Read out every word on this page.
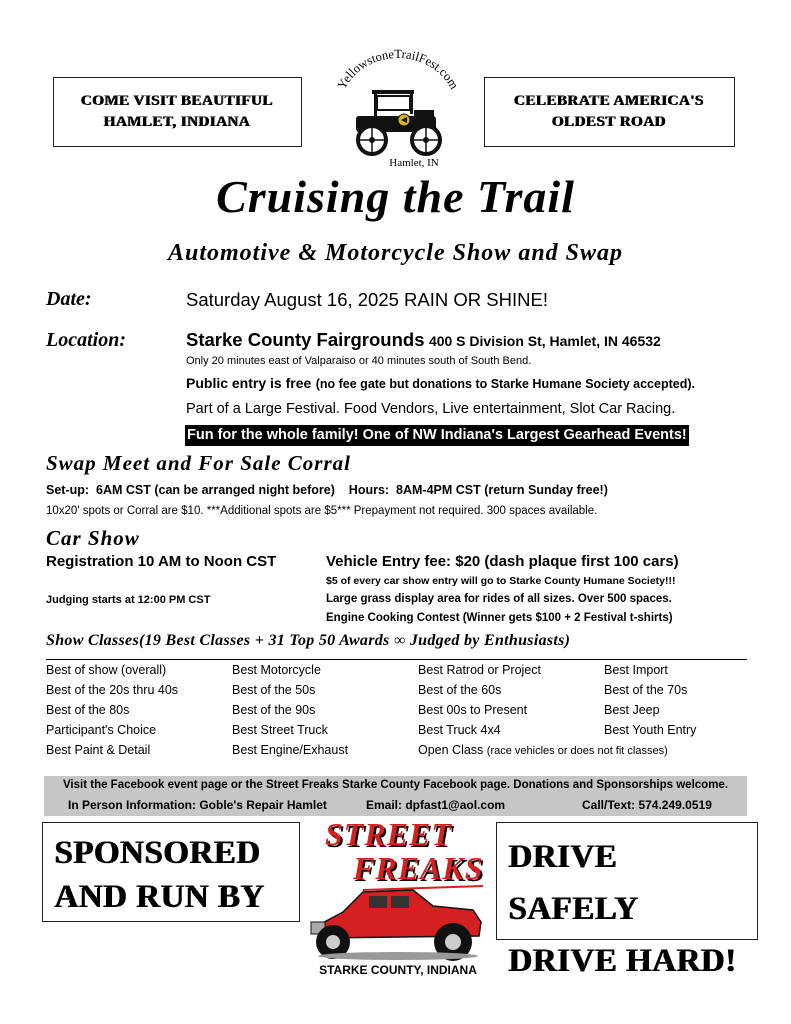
COME VISIT BEAUTIFUL
HAMLET, INDIANA
CELEBRATE AMERICA'S
OLDEST ROAD
YellowstoneTrailFest.com
Hamlet, IN
Cruising the Trail
Automotive & Motorcycle Show and Swap
Date:	Saturday August 16, 2025 RAIN OR SHINE!
Location:	Starke County Fairgrounds 400 S Division St, Hamlet, IN 46532
Only 20 minutes east of Valparaiso or 40 minutes south of South Bend.
Public entry is free (no fee gate but donations to Starke Humane Society accepted).
Part of a Large Festival. Food Vendors, Live entertainment, Slot Car Racing.
Fun for the whole family! One of NW Indiana's Largest Gearhead Events!
Swap Meet and For Sale Corral
Set-up:  6AM CST (can be arranged night before)    Hours:  8AM-4PM CST (return Sunday free!)
10x20' spots or Corral are $10. ***Additional spots are $5*** Prepayment not required. 300 spaces available.
Car Show
Registration 10 AM to Noon CST	Vehicle Entry fee: $20 (dash plaque first 100 cars)
$5 of every car show entry will go to Starke County Humane Society!!!
Judging starts at 12:00 PM CST	Large grass display area for rides of all sizes. Over 500 spaces.
Engine Cooking Contest (Winner gets $100 + 2 Festival t-shirts)
Show Classes(19 Best Classes + 31 Top 50 Awards ∞ Judged by Enthusiasts)
Best of show (overall)	Best Motorcycle	Best Ratrod or Project	Best Import
Best of the 20s thru 40s	Best of the 50s	Best of the 60s	Best of the 70s
Best of the 80s	Best of the 90s	Best 00s to Present	Best Jeep
Participant's Choice	Best Street Truck	Best Truck 4x4	Best Youth Entry
Best Paint & Detail	Best Engine/Exhaust	Open Class (race vehicles or does not fit classes)	
Visit the Facebook event page or the Street Freaks Starke County Facebook page. Donations and Sponsorships welcome.
In Person Information: Goble's Repair Hamlet	Email: dpfast1@aol.com	Call/Text: 574.249.0519
SPONSORED
AND RUN BY
DRIVE SAFELY
DRIVE HARD!
STREET
FREAKS
STARKE COUNTY, INDIANA
